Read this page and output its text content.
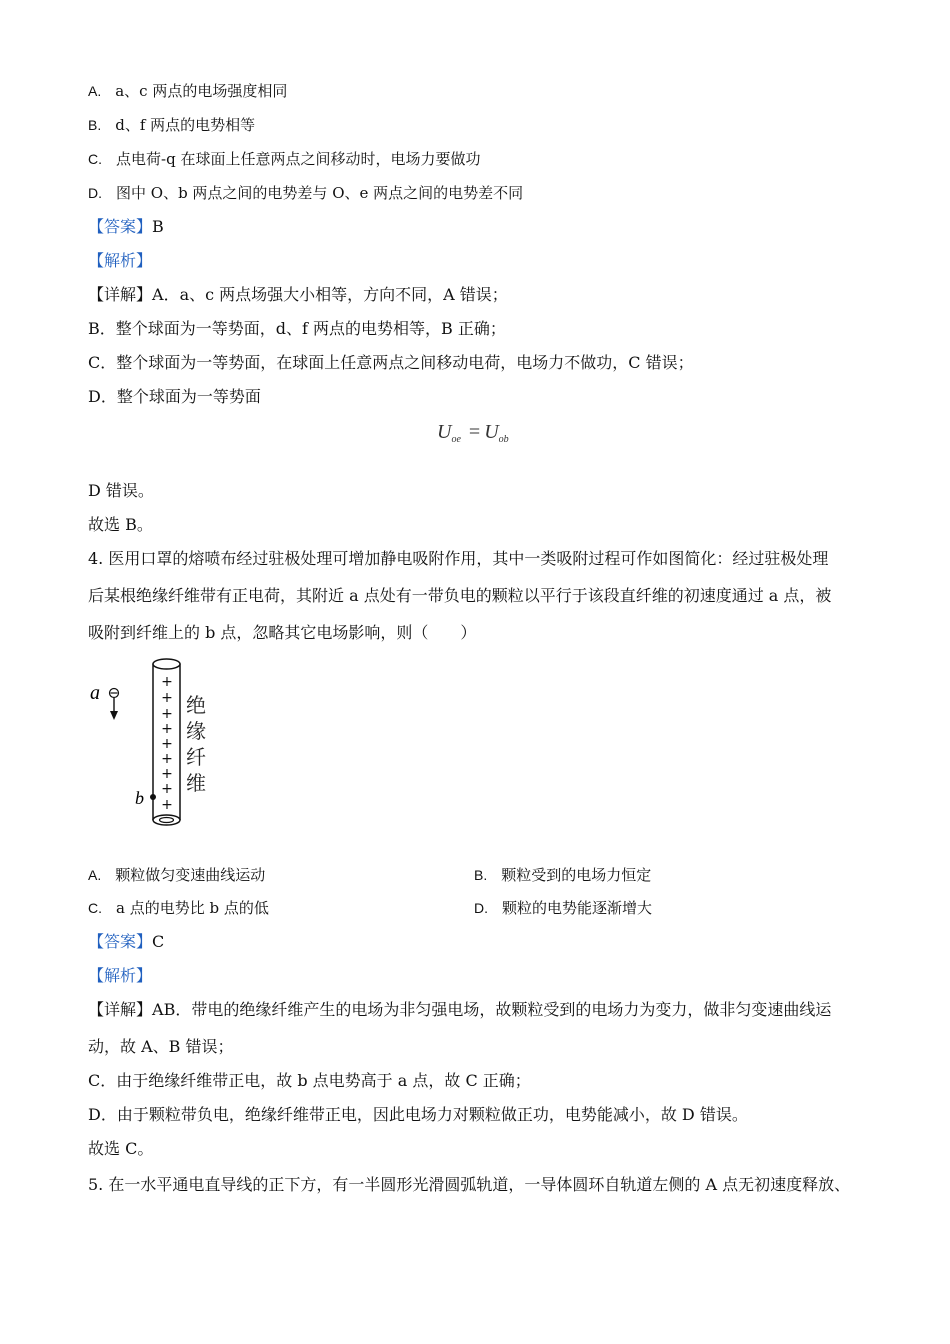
A. a、c 两点的电场强度相同
B. d、f 两点的电势相等
C. 点电荷-q 在球面上任意两点之间移动时，电场力要做功
D. 图中 O、b 两点之间的电势差与 O、e 两点之间的电势差不同
【答案】B
【解析】
【详解】A．a、c 两点场强大小相等，方向不同，A 错误；
B．整个球面为一等势面，d、f 两点的电势相等，B 正确；
C．整个球面为一等势面，在球面上任意两点之间移动电荷，电场力不做功，C 错误；
D．整个球面为一等势面
$U_{oe} = U_{ob}$
D 错误。
故选 B。
4. 医用口罩的熔喷布经过驻极处理可增加静电吸附作用，其中一类吸附过程可作如图简化：经过驻极处理
后某根绝缘纤维带有正电荷，其附近 a 点处有一带负电的颗粒以平行于该段直纤维的初速度通过 a 点，被
吸附到纤维上的 b 点，忽略其它电场影响，则（　　）
a	+
+
+
+
+
+
+
+
+
b
绝
缘
纤
维
A. 颗粒做匀变速曲线运动	B. 颗粒受到的电场力恒定
C. a 点的电势比 b 点的低	D. 颗粒的电势能逐渐增大
【答案】C
【解析】
【详解】AB．带电的绝缘纤维产生的电场为非匀强电场，故颗粒受到的电场力为变力，做非匀变速曲线运
动，故 A、B 错误；
C．由于绝缘纤维带正电，故 b 点电势高于 a 点，故 C 正确；
D．由于颗粒带负电，绝缘纤维带正电，因此电场力对颗粒做正功，电势能减小，故 D 错误。
故选 C。
5. 在一水平通电直导线的正下方，有一半圆形光滑圆弧轨道，一导体圆环自轨道左侧的 A 点无初速度释放、
